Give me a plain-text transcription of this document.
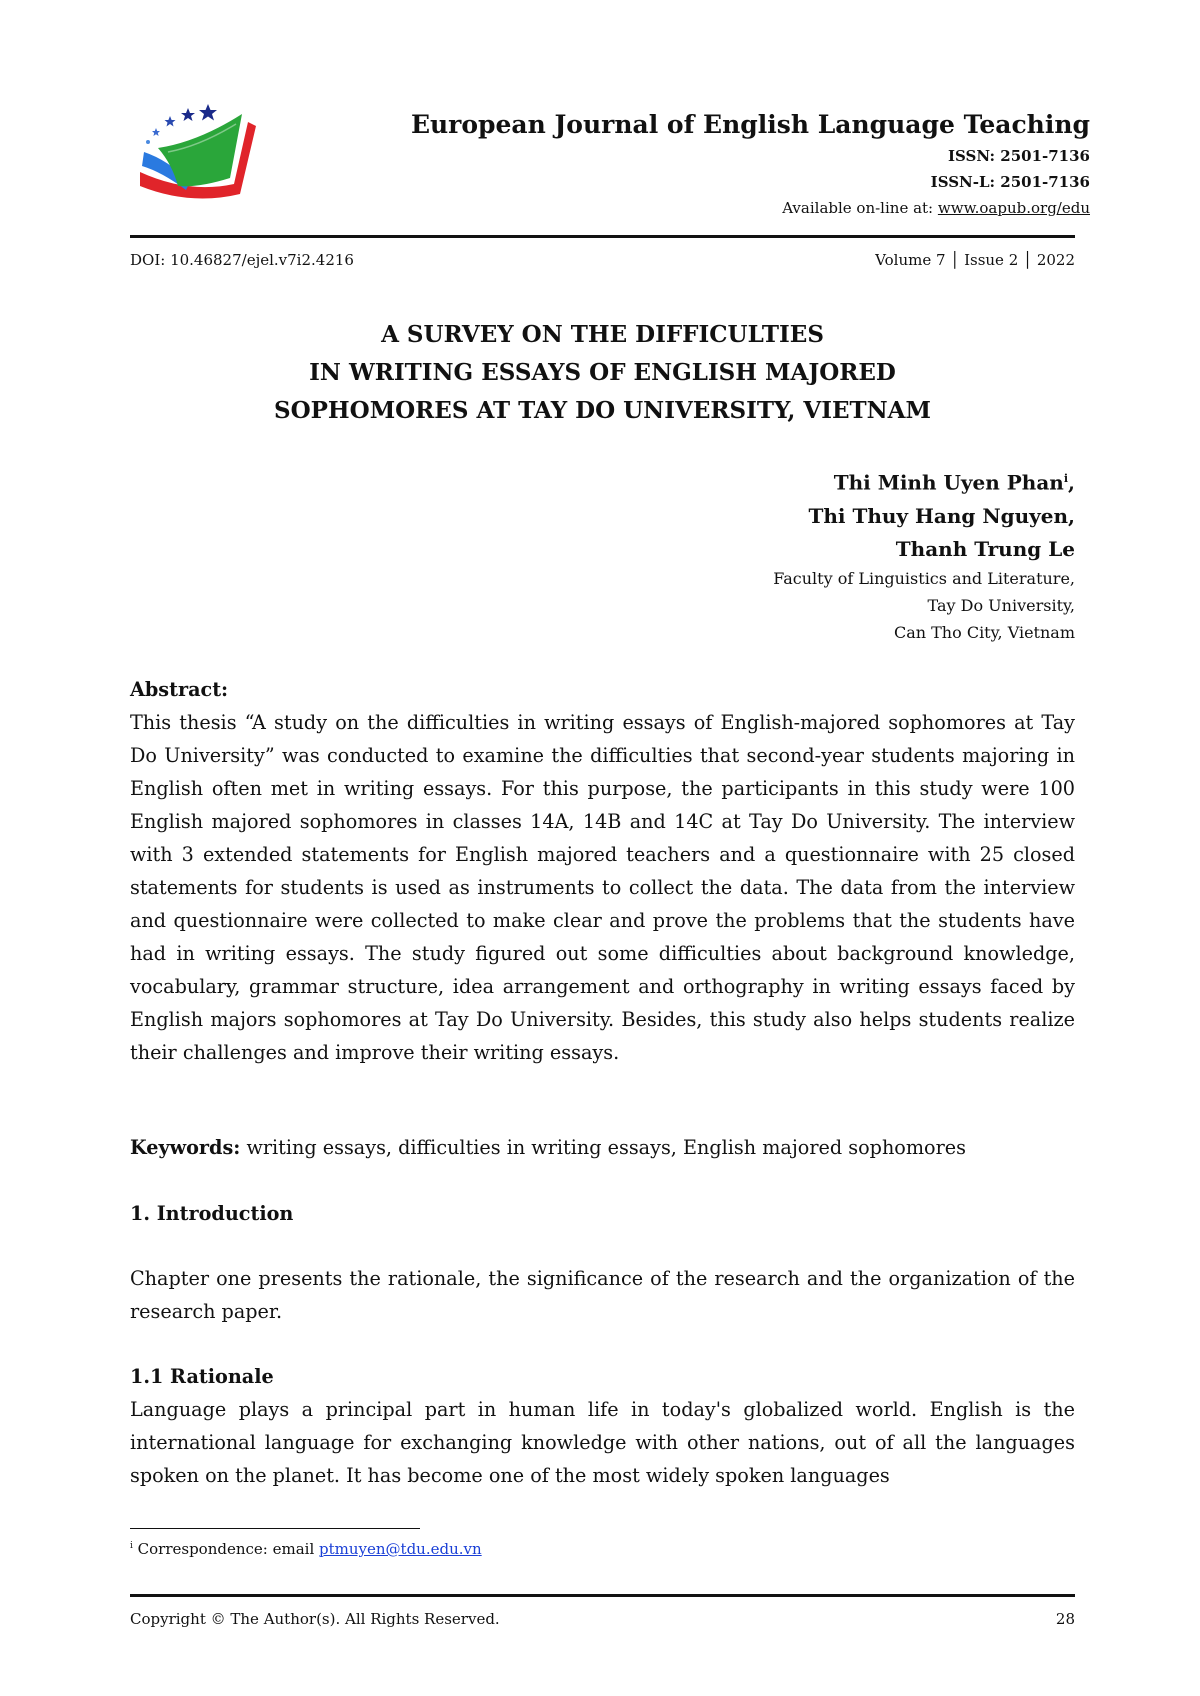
European Journal of English Language Teaching
ISSN: 2501-7136
ISSN-L: 2501-7136
Available on-line at: www.oapub.org/edu
DOI: 10.46827/ejel.v7i2.4216	Volume 7 │ Issue 2 │ 2022
A SURVEY ON THE DIFFICULTIES
IN WRITING ESSAYS OF ENGLISH MAJORED
SOPHOMORES AT TAY DO UNIVERSITY, VIETNAM
Thi Minh Uyen Phan$^i$,
Thi Thuy Hang Nguyen,
Thanh Trung Le
Faculty of Linguistics and Literature,
Tay Do University,
Can Tho City, Vietnam
Abstract:
This thesis “A study on the difficulties in writing essays of English-majored sophomores at Tay Do University” was conducted to examine the difficulties that second-year students majoring in English often met in writing essays. For this purpose, the participants in this study were 100 English majored sophomores in classes 14A, 14B and 14C at Tay Do University. The interview with 3 extended statements for English majored teachers and a questionnaire with 25 closed statements for students is used as instruments to collect the data. The data from the interview and questionnaire were collected to make clear and prove the problems that the students have had in writing essays. The study figured out some difficulties about background knowledge, vocabulary, grammar structure, idea arrangement and orthography in writing essays faced by English majors sophomores at Tay Do University. Besides, this study also helps students realize their challenges and improve their writing essays.
Keywords: writing essays, difficulties in writing essays, English majored sophomores
1. Introduction
Chapter one presents the rationale, the significance of the research and the organization of the research paper.
1.1 Rationale
Language plays a principal part in human life in today's globalized world. English is the international language for exchanging knowledge with other nations, out of all the languages spoken on the planet. It has become one of the most widely spoken languages
$^i$ Correspondence: email ptmuyen@tdu.edu.vn
Copyright © The Author(s). All Rights Reserved.	28
